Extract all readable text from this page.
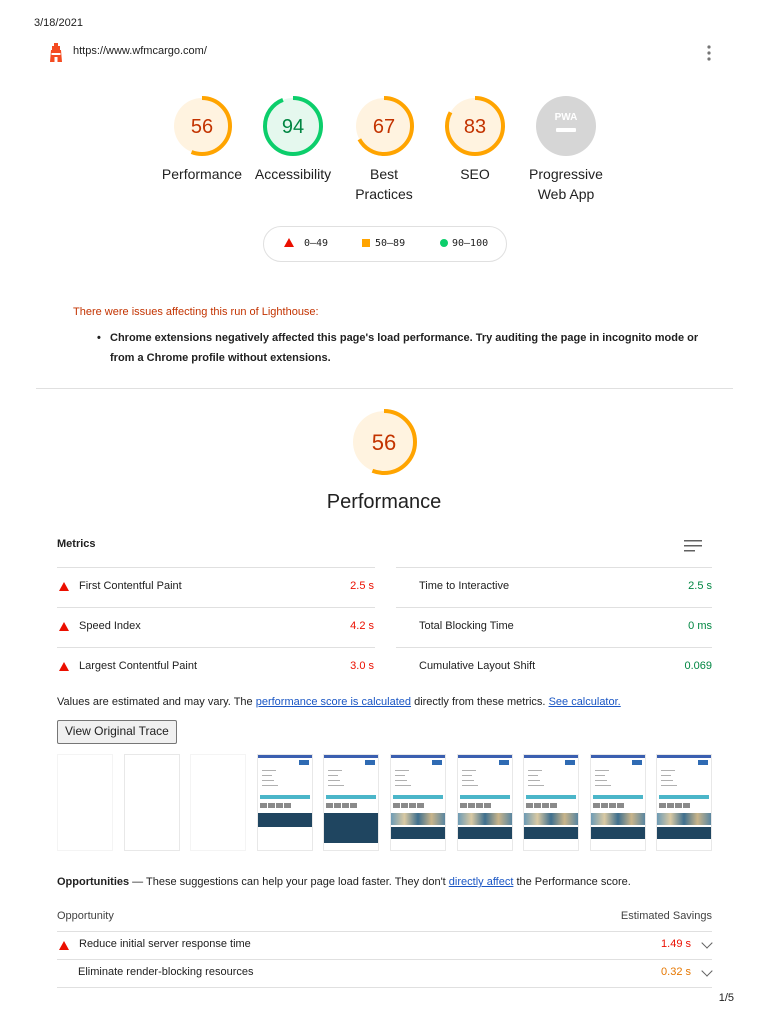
3/18/2021
https://www.wfmcargo.com/
56
Performance
94
Accessibility
67
Best Practices
83
SEO
PWA
Progressive Web App
0–49	50–89	90–100
There were issues affecting this run of Lighthouse:
• Chrome extensions negatively affected this page's load performance. Try auditing the page in incognito mode or from a Chrome profile without extensions.
56
Performance
Metrics
First Contentful Paint	2.5 s
Speed Index	4.2 s
Largest Contentful Paint	3.0 s
Time to Interactive	2.5 s
Total Blocking Time	0 ms
Cumulative Layout Shift	0.069
Values are estimated and may vary. The performance score is calculated directly from these metrics. See calculator.
View Original Trace
Opportunities — These suggestions can help your page load faster. They don't directly affect the Performance score.
Opportunity	Estimated Savings
Reduce initial server response time	1.49 s
Eliminate render-blocking resources	0.32 s
1/5
